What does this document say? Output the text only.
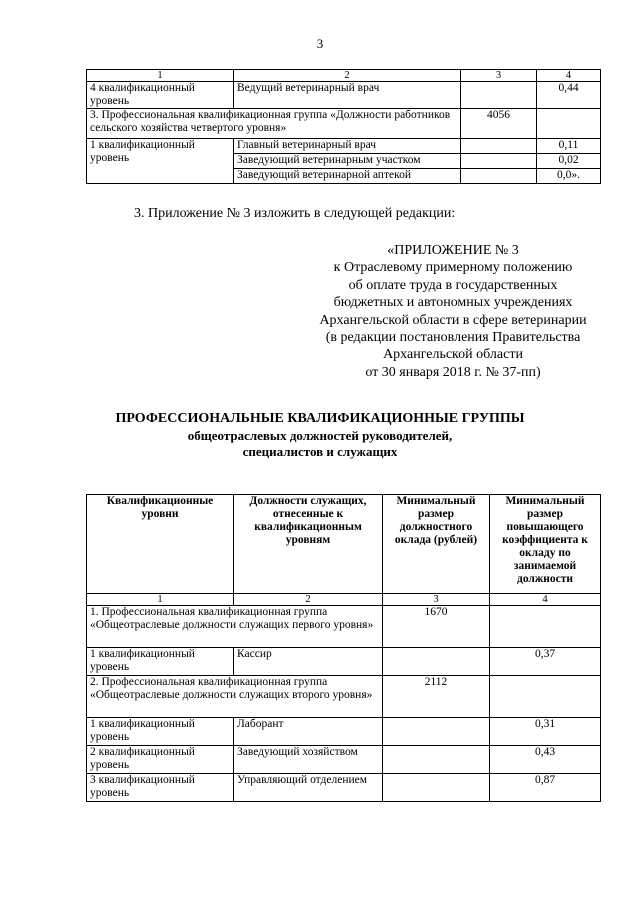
3
1	2	3	4
4 квалификационный уровень	Ведущий ветеринарный врач		0,44
3. Профессиональная квалификационная группа «Должности работников сельского хозяйства четвертого уровня»		4056	
1 квалификационный уровень	Главный ветеринарный врач		0,11
	Заведующий ветеринарным участком		0,02
	Заведующий ветеринарной аптекой		0,0».
3. Приложение № 3 изложить в следующей редакции:
«ПРИЛОЖЕНИЕ № 3
к Отраслевому примерному положению
об оплате труда в государственных
бюджетных и автономных учреждениях
Архангельской области в сфере ветеринарии
(в редакции постановления Правительства
Архангельской области
от 30 января 2018 г. № 37-пп)
ПРОФЕССИОНАЛЬНЫЕ КВАЛИФИКАЦИОННЫЕ ГРУППЫ
общеотраслевых должностей руководителей,
специалистов и служащих
Квалификационные уровни	Должности служащих, отнесенные к квалификационным уровням	Минимальный размер должностного оклада (рублей)	Минимальный размер повышающего коэффициента к окладу по занимаемой должности
1	2	3	4
1. Профессиональная квалификационная группа «Общеотраслевые должности служащих первого уровня»		1670	
1 квалификационный уровень	Кассир		0,37
2. Профессиональная квалификационная группа «Общеотраслевые должности служащих второго уровня»		2112	
1 квалификационный уровень	Лаборант		0,31
2 квалификационный уровень	Заведующий хозяйством		0,43
3 квалификационный уровень	Управляющий отделением		0,87
